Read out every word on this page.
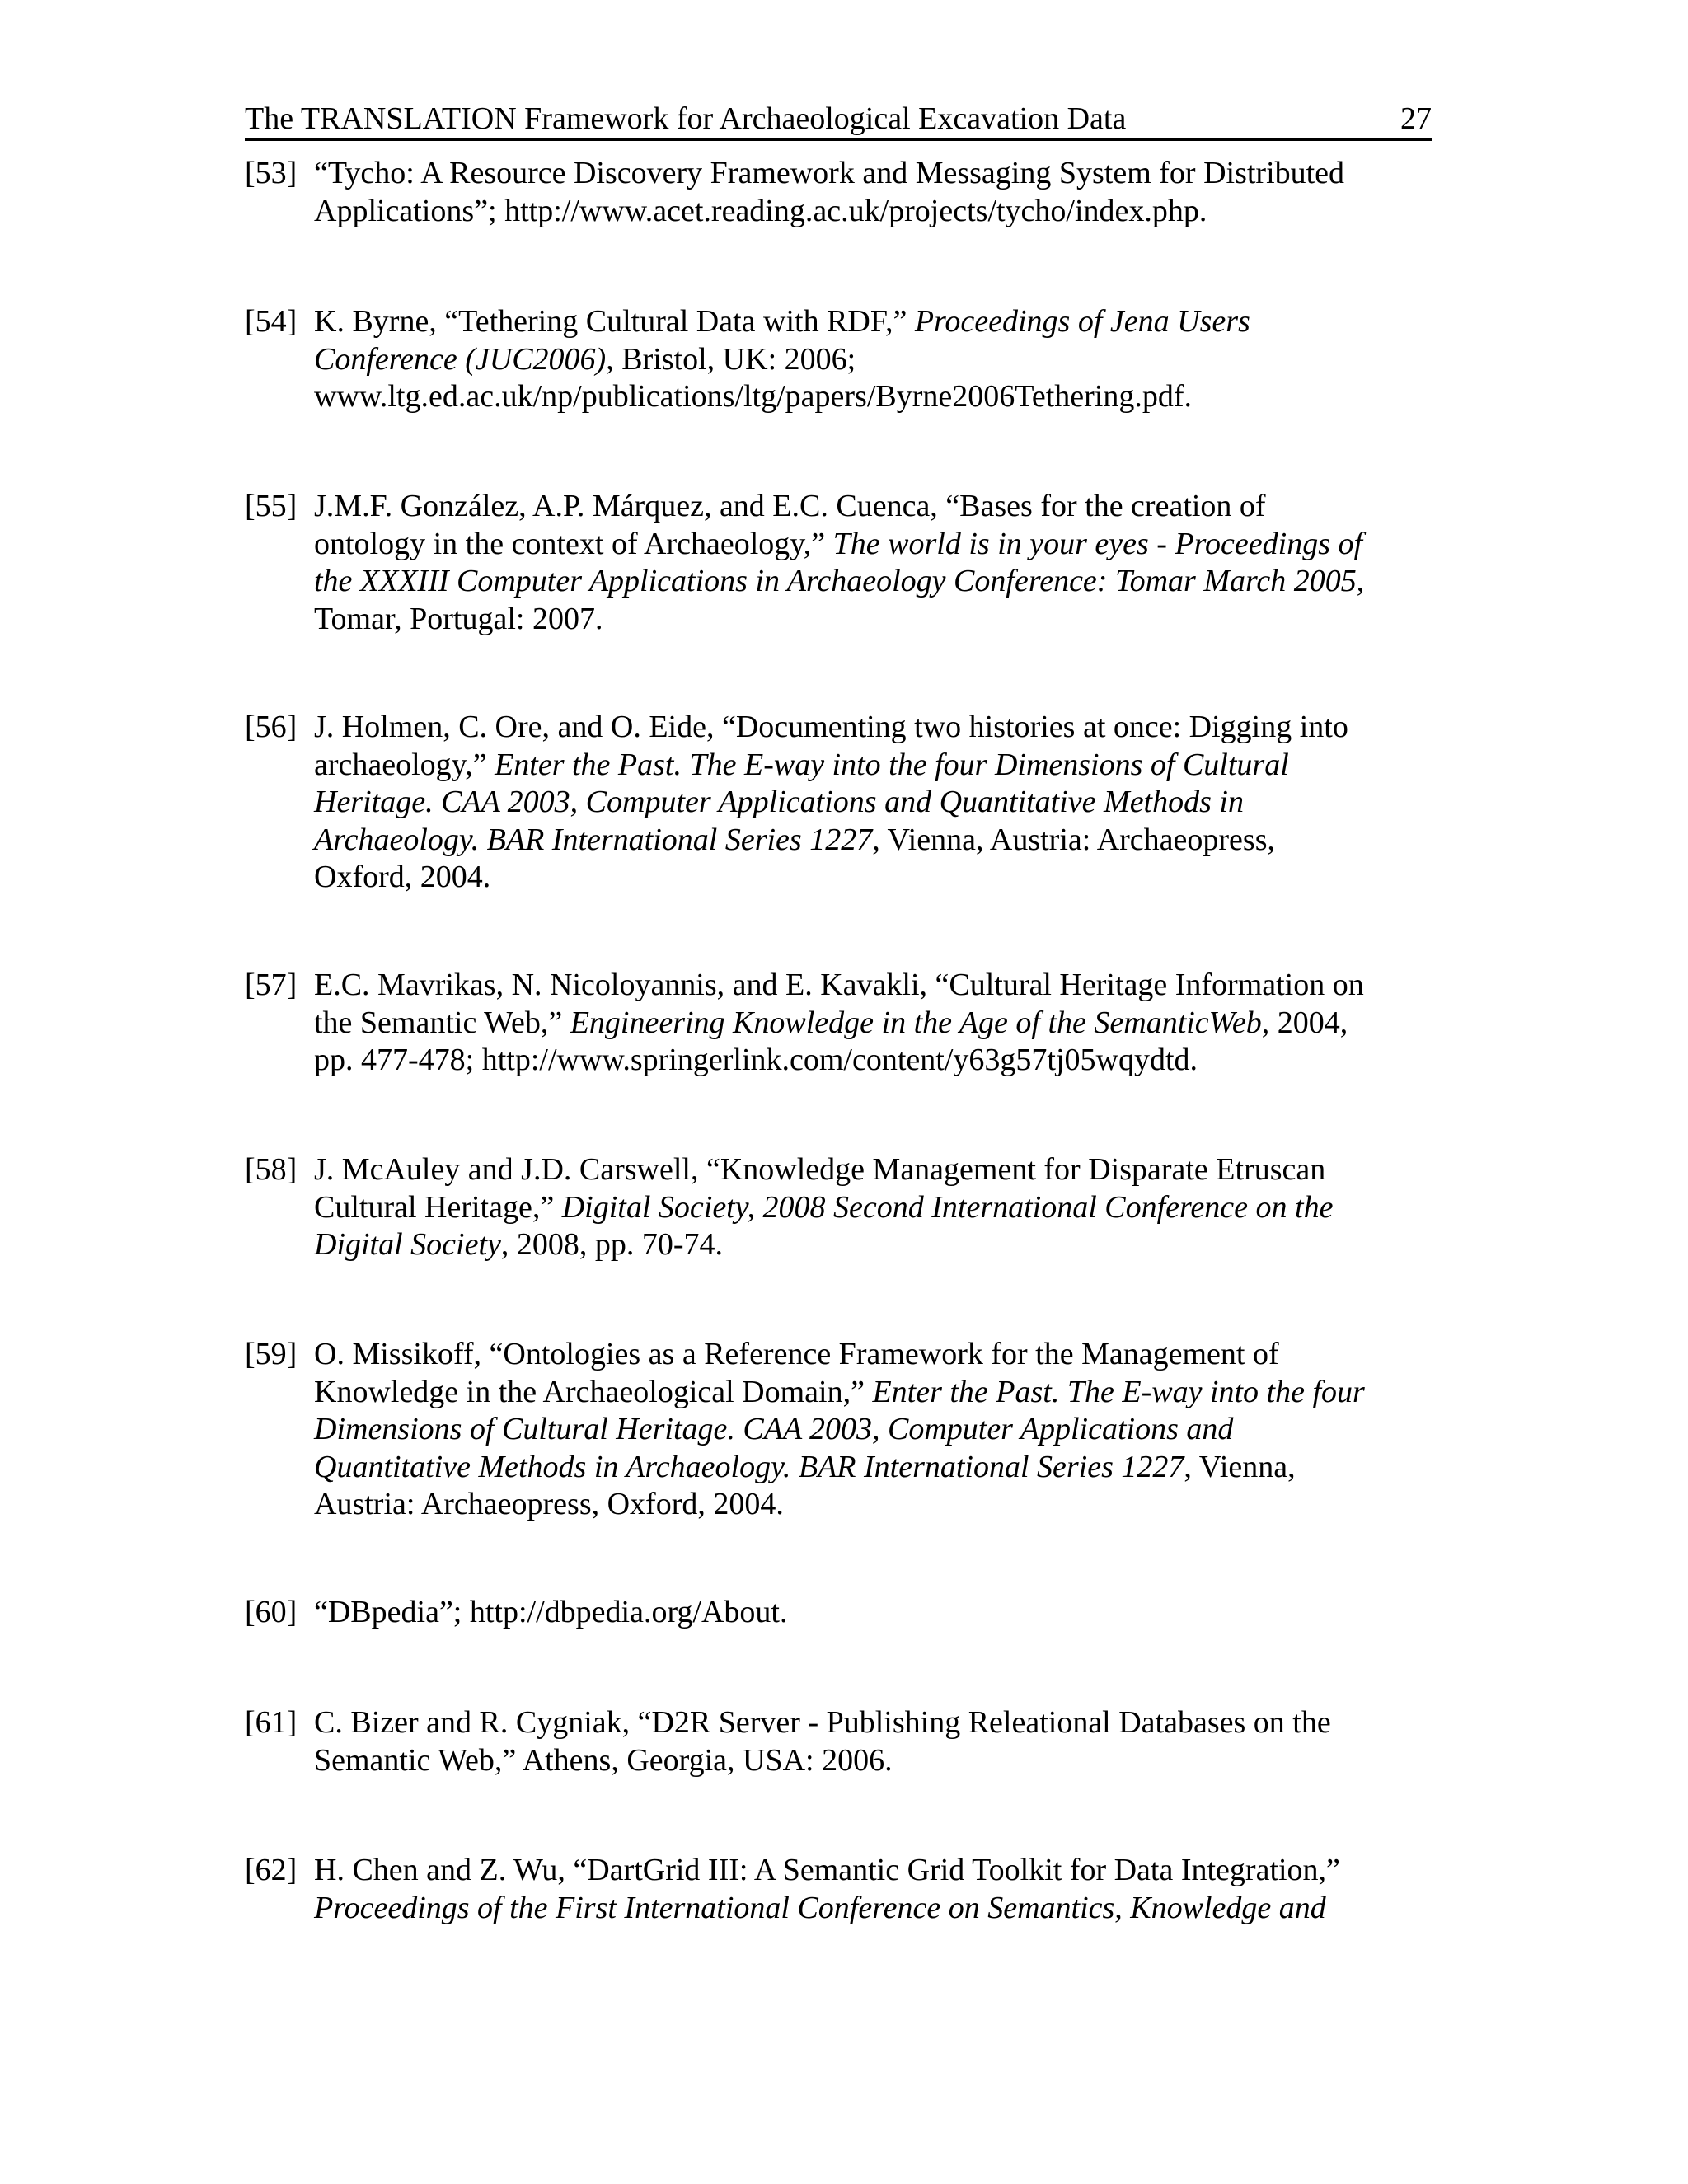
The TRANSLATION Framework for Archaeological Excavation Data	27
[53] “Tycho: A Resource Discovery Framework and Messaging System for Distributed
Applications”; http://www.acet.reading.ac.uk/projects/tycho/index.php.
[54] K. Byrne, “Tethering Cultural Data with RDF,” Proceedings of Jena Users
Conference (JUC2006), Bristol, UK: 2006;
www.ltg.ed.ac.uk/np/publications/ltg/papers/Byrne2006Tethering.pdf.
[55] J.M.F. González, A.P. Márquez, and E.C. Cuenca, “Bases for the creation of
ontology in the context of Archaeology,” The world is in your eyes - Proceedings of
the XXXIII Computer Applications in Archaeology Conference: Tomar March 2005,
Tomar, Portugal: 2007.
[56] J. Holmen, C. Ore, and O. Eide, “Documenting two histories at once: Digging into
archaeology,” Enter the Past. The E-way into the four Dimensions of Cultural
Heritage. CAA 2003, Computer Applications and Quantitative Methods in
Archaeology. BAR International Series 1227, Vienna, Austria: Archaeopress,
Oxford, 2004.
[57] E.C. Mavrikas, N. Nicoloyannis, and E. Kavakli, “Cultural Heritage Information on
the Semantic Web,” Engineering Knowledge in the Age of the SemanticWeb, 2004,
pp. 477-478; http://www.springerlink.com/content/y63g57tj05wqydtd.
[58] J. McAuley and J.D. Carswell, “Knowledge Management for Disparate Etruscan
Cultural Heritage,” Digital Society, 2008 Second International Conference on the
Digital Society, 2008, pp. 70-74.
[59] O. Missikoff, “Ontologies as a Reference Framework for the Management of
Knowledge in the Archaeological Domain,” Enter the Past. The E-way into the four
Dimensions of Cultural Heritage. CAA 2003, Computer Applications and
Quantitative Methods in Archaeology. BAR International Series 1227, Vienna,
Austria: Archaeopress, Oxford, 2004.
[60] “DBpedia”; http://dbpedia.org/About.
[61] C. Bizer and R. Cygniak, “D2R Server - Publishing Releational Databases on the
Semantic Web,” Athens, Georgia, USA: 2006.
[62] H. Chen and Z. Wu, “DartGrid III: A Semantic Grid Toolkit for Data Integration,”
Proceedings of the First International Conference on Semantics, Knowledge and
